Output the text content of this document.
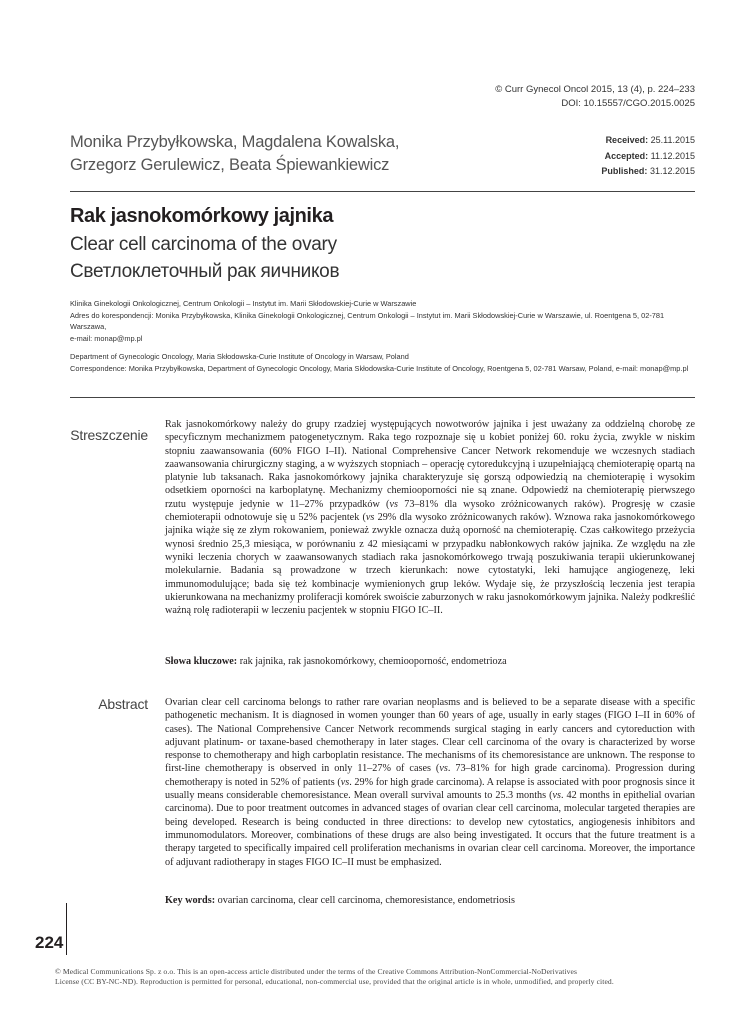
© Curr Gynecol Oncol 2015, 13 (4), p. 224–233
DOI: 10.15557/CGO.2015.0025
Monika Przybyłkowska, Magdalena Kowalska,
Grzegorz Gerulewicz, Beata Śpiewankiewicz
Received: 25.11.2015
Accepted: 11.12.2015
Published: 31.12.2015
Rak jasnokomórkowy jajnika
Clear cell carcinoma of the ovary
Светлоклеточный рак яичников
Klinika Ginekologii Onkologicznej, Centrum Onkologii – Instytut im. Marii Skłodowskiej-Curie w Warszawie
Adres do korespondencji: Monika Przybyłkowska, Klinika Ginekologii Onkologicznej, Centrum Onkologii – Instytut im. Marii Skłodowskiej-Curie w Warszawie, ul. Roentgena 5, 02-781 Warszawa,
e-mail: monap@mp.pl
Department of Gynecologic Oncology, Maria Skłodowska-Curie Institute of Oncology in Warsaw, Poland
Correspondence: Monika Przybyłkowska, Department of Gynecologic Oncology, Maria Skłodowska-Curie Institute of Oncology, Roentgena 5, 02-781 Warsaw, Poland, e-mail: monap@mp.pl
Streszczenie
Rak jasnokomórkowy należy do grupy rzadziej występujących nowotworów jajnika i jest uważany za oddzielną chorobę ze specyficznym mechanizmem patogenetycznym. Raka tego rozpoznaje się u kobiet poniżej 60. roku życia, zwykle w niskim stopniu zaawansowania (60% FIGO I–II). National Comprehensive Cancer Network rekomenduje we wczesnych stadiach zaawansowania chirurgiczny staging, a w wyższych stopniach – operację cytoredukcyjną i uzupełniającą chemioterapię opartą na platynie lub taksanach. Raka jasnokomórkowy jajnika charakteryzuje się gorszą odpowiedzią na chemioterapię i wysokim odsetkiem oporności na karboplatynę. Mechanizmy chemiooporności nie są znane. Odpowiedź na chemioterapię pierwszego rzutu występuje jedynie w 11–27% przypadków (vs 73–81% dla wysoko zróżnicowanych raków). Progresję w czasie chemioterapii odnotowuje się u 52% pacjentek (vs 29% dla wysoko zróżnicowanych raków). Wznowa raka jasnokomórkowego jajnika wiąże się ze złym rokowaniem, ponieważ zwykle oznacza dużą oporność na chemioterapię. Czas całkowitego przeżycia wynosi średnio 25,3 miesiąca, w porównaniu z 42 miesiącami w przypadku nabłonkowych raków jajnika. Ze względu na złe wyniki leczenia chorych w zaawansowanych stadiach raka jasnokomórkowego trwają poszukiwania terapii ukierunkowanej molekularnie. Badania są prowadzone w trzech kierunkach: nowe cytostatyki, leki hamujące angiogenezę, leki immunomodulujące; bada się też kombinacje wymienionych grup leków. Wydaje się, że przyszłością leczenia jest terapia ukierunkowana na mechanizmy proliferacji komórek swoiście zaburzonych w raku jasnokomórkowym jajnika. Należy podkreślić ważną rolę radioterapii w leczeniu pacjentek w stopniu FIGO IC–II.
Słowa kluczowe: rak jajnika, rak jasnokomórkowy, chemiooporność, endometrioza
Abstract Ovarian clear cell carcinoma belongs to rather rare ovarian neoplasms and is believed to be a separate disease with a specific pathogenetic mechanism. It is diagnosed in women younger than 60 years of age, usually in early stages (FIGO I–II in 60% of cases). The National Comprehensive Cancer Network recommends surgical staging in early cancers and cytoreduction with adjuvant platinum- or taxane-based chemotherapy in later stages. Clear cell carcinoma of the ovary is characterized by worse response to chemotherapy and high carboplatin resistance. The mechanisms of its chemoresistance are unknown. The response to first-line chemotherapy is observed in only 11–27% of cases (vs. 73–81% for high grade carcinoma). Progression during chemotherapy is noted in 52% of patients (vs. 29% for high grade carcinoma). A relapse is associated with poor prognosis since it usually means considerable chemoresistance. Mean overall survival amounts to 25.3 months (vs. 42 months in epithelial ovarian carcinoma). Due to poor treatment outcomes in advanced stages of ovarian clear cell carcinoma, molecular targeted therapies are being developed. Research is being conducted in three directions: to develop new cytostatics, angiogenesis inhibitors and immunomodulators. Moreover, combinations of these drugs are also being investigated. It occurs that the future treatment is a therapy targeted to specifically impaired cell proliferation mechanisms in ovarian clear cell carcinoma. Moreover, the importance of adjuvant radiotherapy in stages FIGO IC–II must be emphasized.
Key words: ovarian carcinoma, clear cell carcinoma, chemoresistance, endometriosis
224
© Medical Communications Sp. z o.o. This is an open-access article distributed under the terms of the Creative Commons Attribution-NonCommercial-NoDerivatives
License (CC BY-NC-ND). Reproduction is permitted for personal, educational, non-commercial use, provided that the original article is in whole, unmodified, and properly cited.
